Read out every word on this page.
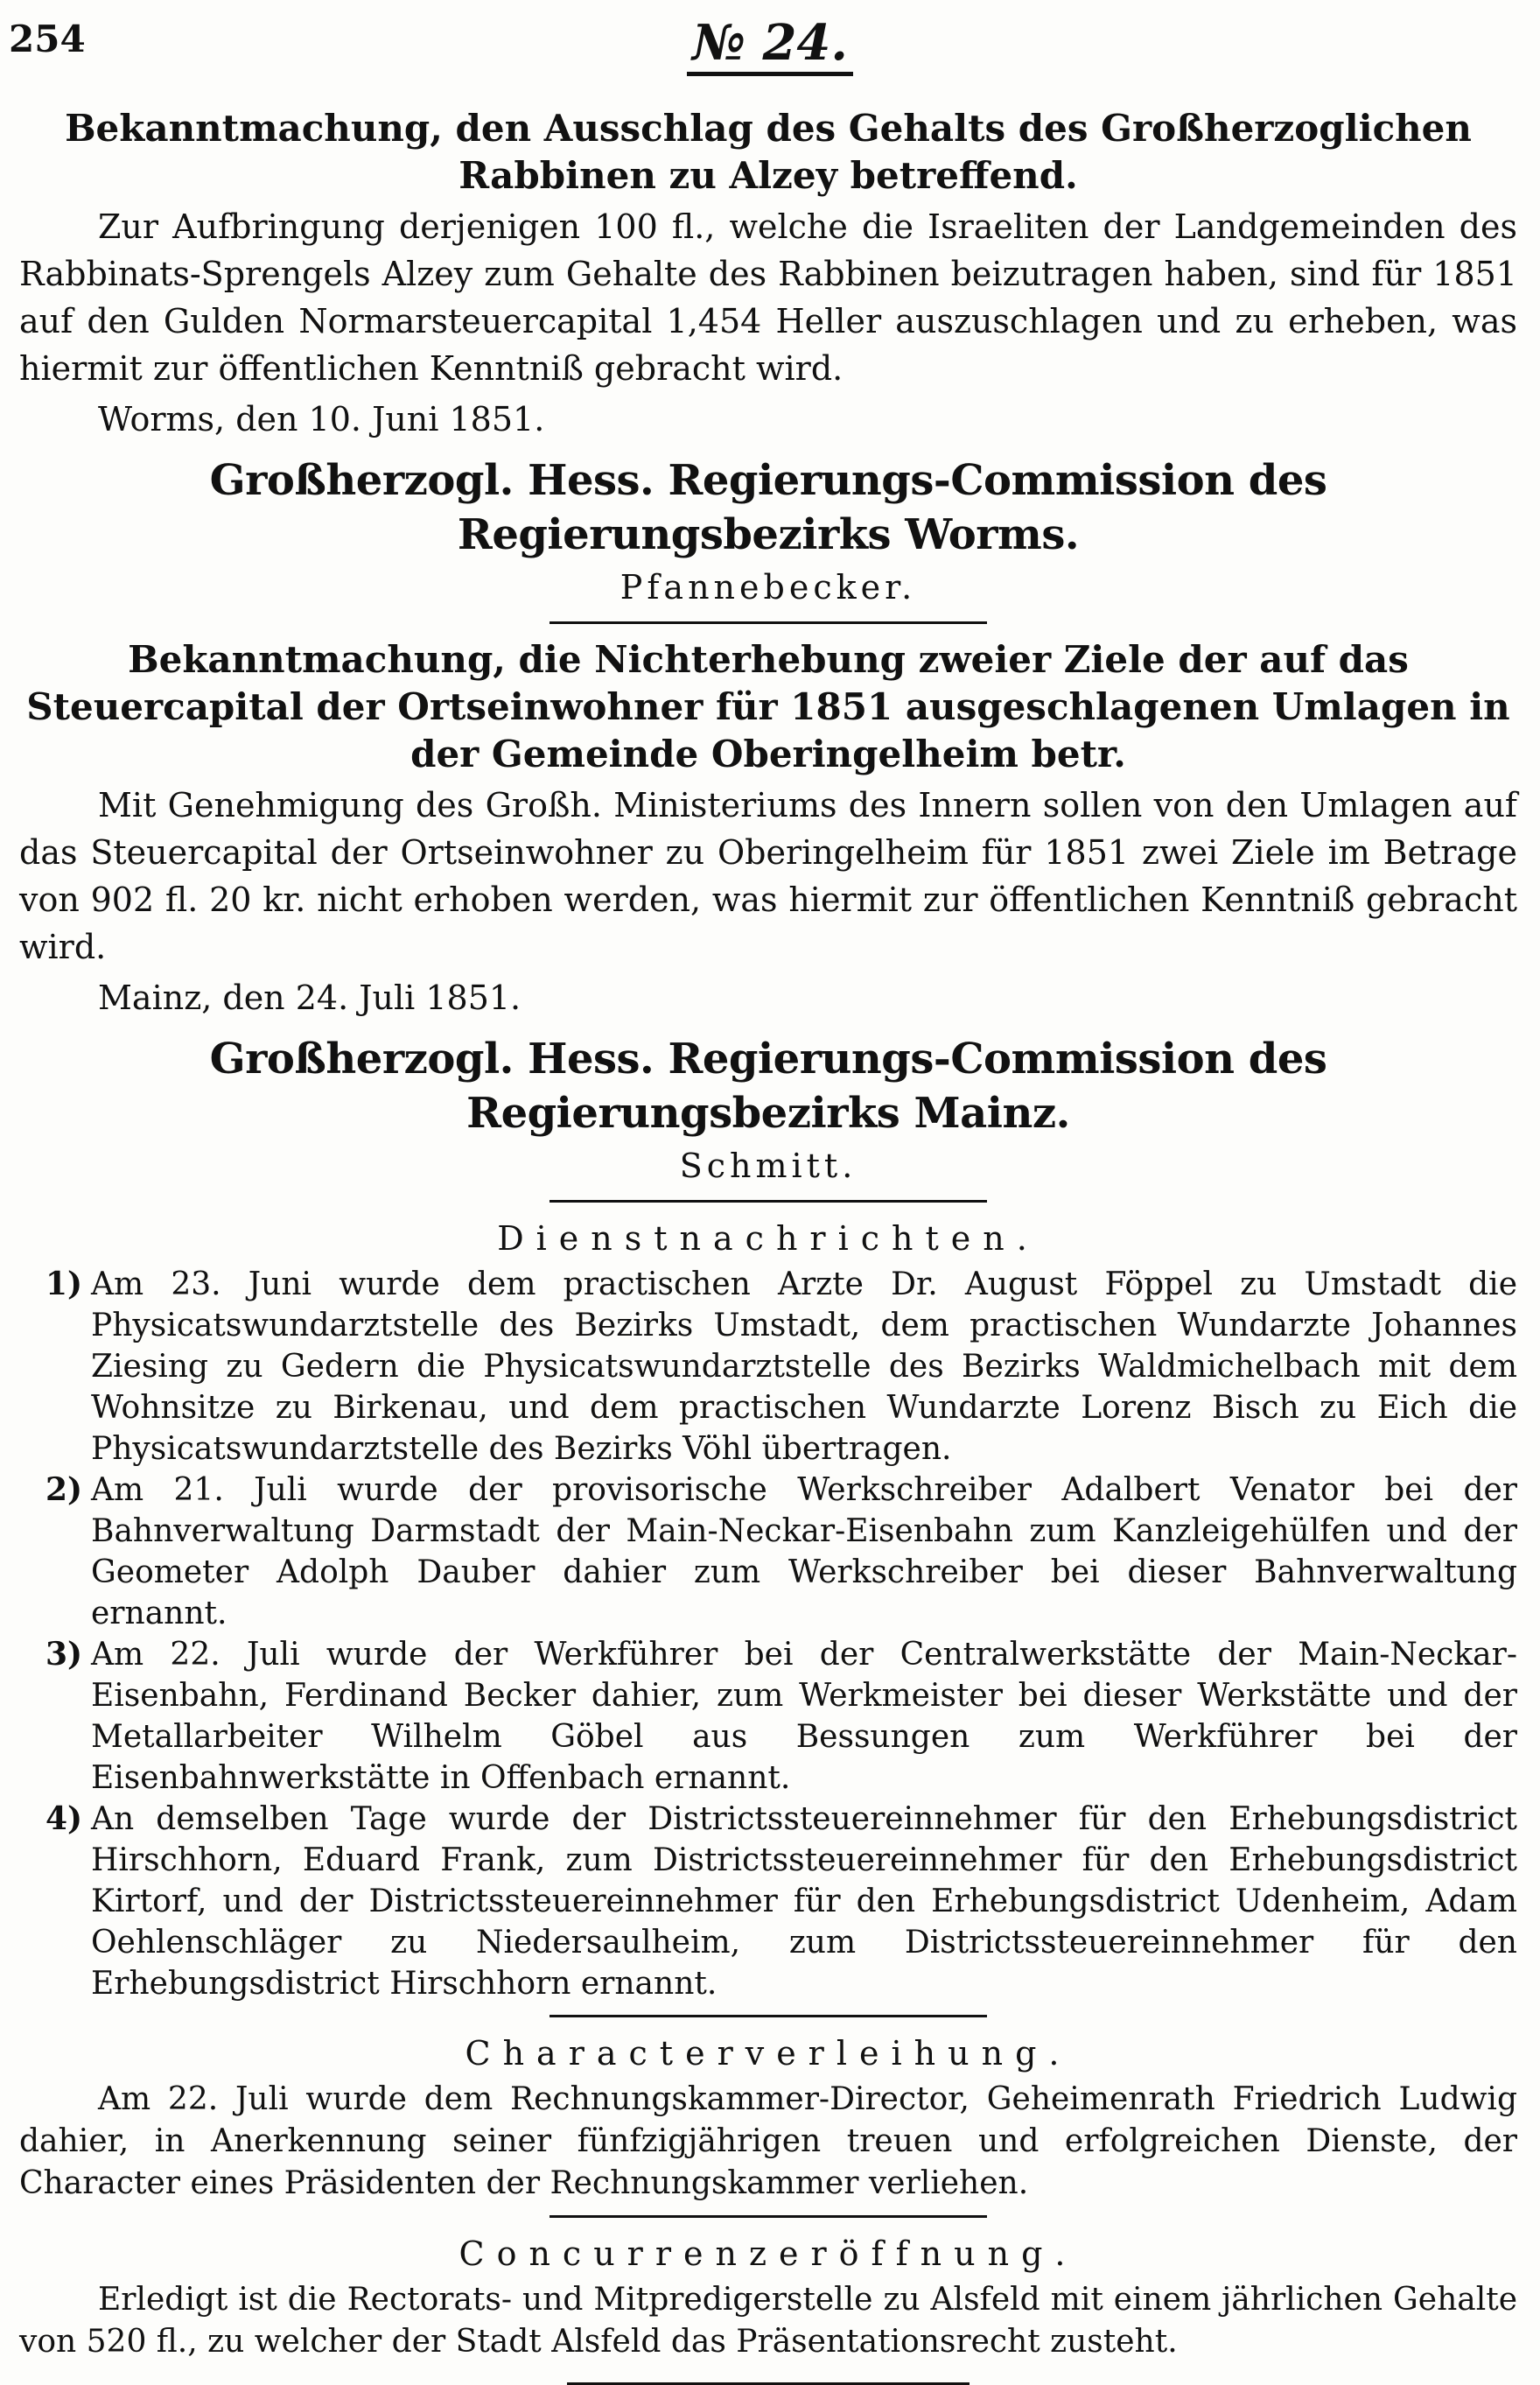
254	№ 24.

Bekanntmachung, den Ausschlag des Gehalts des Großherzoglichen Rabbinen zu Alzey betreffend.

Zur Aufbringung derjenigen 100 fl., welche die Israeliten der Landgemeinden des Rabbinats-Sprengels Alzey zum Gehalte des Rabbinen beizutragen haben, sind für 1851 auf den Gulden Normarsteuercapital 1,454 Heller auszuschlagen und zu erheben, was hiermit zur öffentlichen Kenntniß gebracht wird.

Worms, den 10. Juni 1851.

Großherzogl. Hess. Regierungs-Commission des Regierungsbezirks Worms.

Pfannebecker.

Bekanntmachung, die Nichterhebung zweier Ziele der auf das Steuercapital der Ortseinwohner für 1851 ausgeschlagenen Umlagen in der Gemeinde Oberingelheim betr.

Mit Genehmigung des Großh. Ministeriums des Innern sollen von den Umlagen auf das Steuercapital der Ortseinwohner zu Oberingelheim für 1851 zwei Ziele im Betrage von 902 fl. 20 kr. nicht erhoben werden, was hiermit zur öffentlichen Kenntniß gebracht wird.

Mainz, den 24. Juli 1851.

Großherzogl. Hess. Regierungs-Commission des Regierungsbezirks Mainz.

Schmitt.

Dienstnachrichten.

1) Am 23. Juni wurde dem practischen Arzte Dr. August Föppel zu Umstadt die Physicatswundarztstelle des Bezirks Umstadt, dem practischen Wundarzte Johannes Ziesing zu Gedern die Physicatswundarztstelle des Bezirks Waldmichelbach mit dem Wohnsitze zu Birkenau, und dem practischen Wundarzte Lorenz Bisch zu Eich die Physicatswundarztstelle des Bezirks Vöhl übertragen.

2) Am 21. Juli wurde der provisorische Werkschreiber Adalbert Venator bei der Bahnverwaltung Darmstadt der Main-Neckar-Eisenbahn zum Kanzleigehülfen und der Geometer Adolph Dauber dahier zum Werkschreiber bei dieser Bahnverwaltung ernannt.

3) Am 22. Juli wurde der Werkführer bei der Centralwerkstätte der Main-Neckar-Eisenbahn, Ferdinand Becker dahier, zum Werkmeister bei dieser Werkstätte und der Metallarbeiter Wilhelm Göbel aus Bessungen zum Werkführer bei der Eisenbahnwerkstätte in Offenbach ernannt.

4) An demselben Tage wurde der Districtssteuereinnehmer für den Erhebungsdistrict Hirschhorn, Eduard Frank, zum Districtssteuereinnehmer für den Erhebungsdistrict Kirtorf, und der Districtssteuereinnehmer für den Erhebungsdistrict Udenheim, Adam Oehlenschläger zu Niedersaulheim, zum Districtssteuereinnehmer für den Erhebungsdistrict Hirschhorn ernannt.

Characterverleihung.

Am 22. Juli wurde dem Rechnungskammer-Director, Geheimenrath Friedrich Ludwig dahier, in Anerkennung seiner fünfzigjährigen treuen und erfolgreichen Dienste, der Character eines Präsidenten der Rechnungskammer verliehen.

Concurrenzeröffnung.

Erledigt ist die Rectorats- und Mitpredigerstelle zu Alsfeld mit einem jährlichen Gehalte von 520 fl., zu welcher der Stadt Alsfeld das Präsentationsrecht zusteht.
